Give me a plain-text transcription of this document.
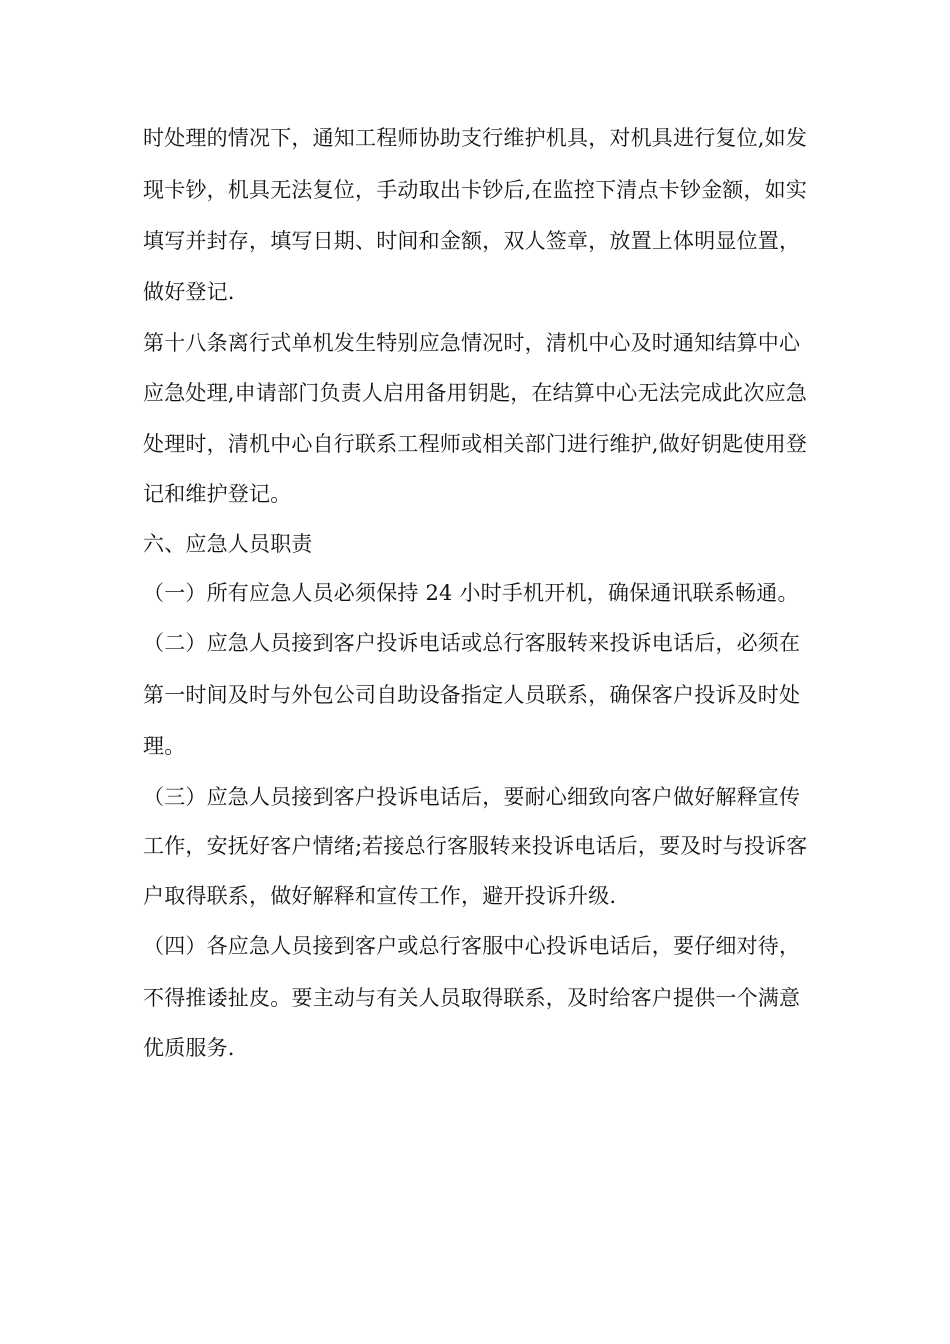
时处理的情况下，通知工程师协助支行维护机具，对机具进行复位,如发

现卡钞，机具无法复位，手动取出卡钞后,在监控下清点卡钞金额，如实

填写并封存，填写日期、时间和金额，双人签章，放置上体明显位置，

做好登记.

第十八条离行式单机发生特别应急情况时，清机中心及时通知结算中心

应急处理,申请部门负责人启用备用钥匙，在结算中心无法完成此次应急

处理时，清机中心自行联系工程师或相关部门进行维护,做好钥匙使用登

记和维护登记。

六、应急人员职责

（一）所有应急人员必须保持 24 小时手机开机，确保通讯联系畅通。

（二）应急人员接到客户投诉电话或总行客服转来投诉电话后，必须在

第一时间及时与外包公司自助设备指定人员联系，确保客户投诉及时处

理。

（三）应急人员接到客户投诉电话后，要耐心细致向客户做好解释宣传

工作，安抚好客户情绪;若接总行客服转来投诉电话后，要及时与投诉客

户取得联系，做好解释和宣传工作，避开投诉升级.

（四）各应急人员接到客户或总行客服中心投诉电话后，要仔细对待，

不得推诿扯皮。要主动与有关人员取得联系，及时给客户提供一个满意

优质服务.
